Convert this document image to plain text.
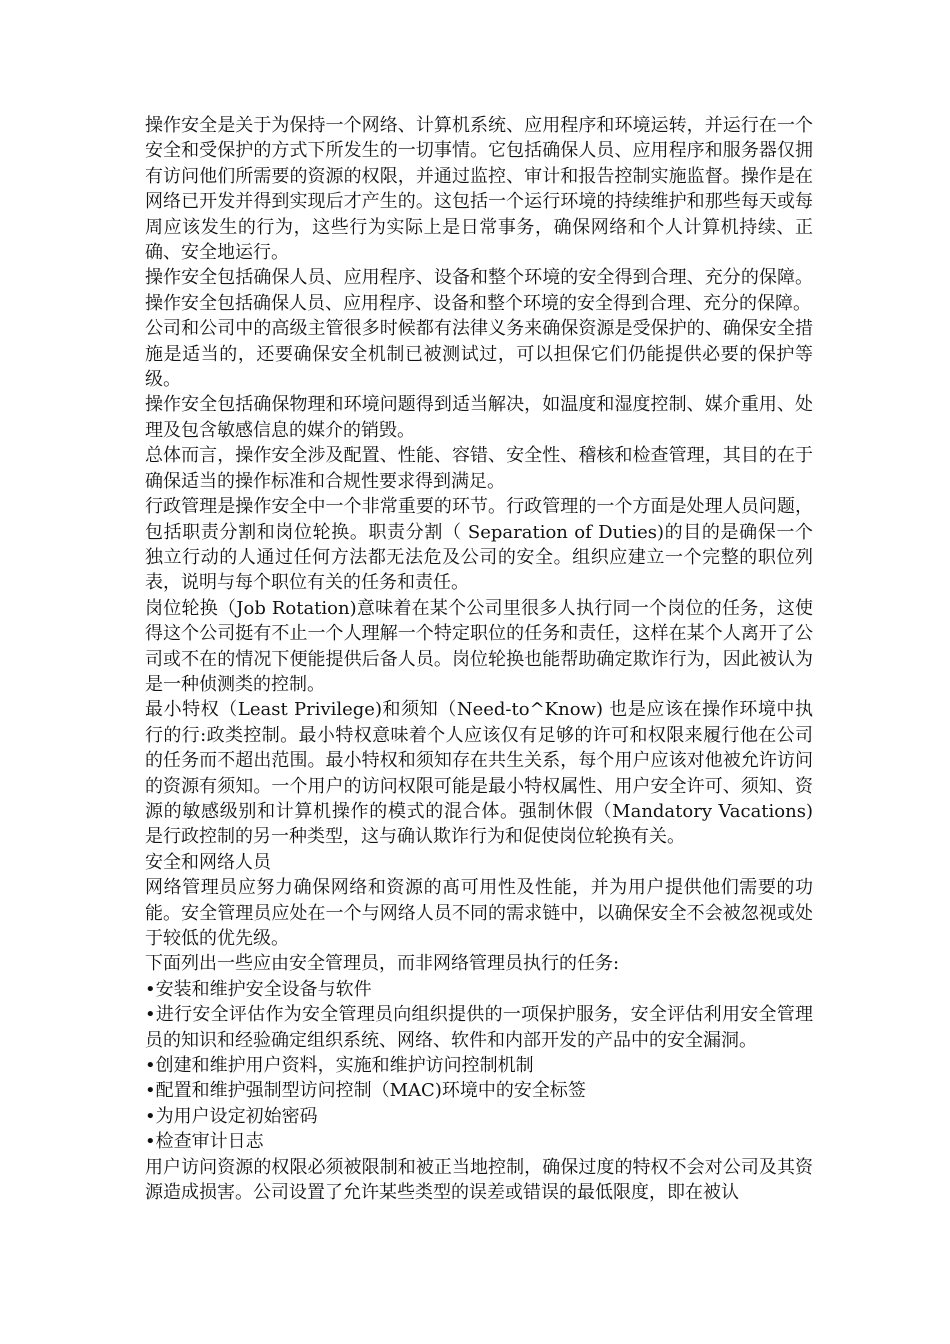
操作安全是关于为保持一个网络、计算机系统、应用程序和环境运转，并运行在一个安全和受保护的方式下所发生的一切事情。它包括确保人员、应用程序和服务器仅拥有访问他们所需要的资源的权限，并通过监控、审计和报告控制实施监督。操作是在网络已开发并得到实现后才产生的。这包括一个运行环境的持续维护和那些每天或每周应该发生的行为，这些行为实际上是日常事务，确保网络和个人计算机持续、正确、安全地运行。

操作安全包括确保人员、应用程序、设备和整个环境的安全得到合理、充分的保障。操作安全包括确保人员、应用程序、设备和整个环境的安全得到合理、充分的保障。

公司和公司中的高级主管很多时候都有法律义务来确保资源是受保护的、确保安全措施是适当的，还要确保安全机制已被测试过，可以担保它们仍能提供必要的保护等级。

操作安全包括确保物理和环境问题得到适当解决，如温度和湿度控制、媒介重用、处理及包含敏感信息的媒介的销毁。

总体而言，操作安全涉及配置、性能、容错、安全性、稽核和检查管理，其目的在于确保适当的操作标准和合规性要求得到满足。

行政管理是操作安全中一个非常重要的环节。行政管理的一个方面是处理人员问题，包括职责分割和岗位轮换。职责分割（ Separation of Duties)的目的是确保一个独立行动的人通过任何方法都无法危及公司的安全。组织应建立一个完整的职位列表，说明与每个职位有关的任务和责任。

岗位轮换（Job Rotation)意味着在某个公司里很多人执行同一个岗位的任务，这使得这个公司挺有不止一个人理解一个特定职位的任务和责任，这样在某个人离开了公司或不在的情况下便能提供后备人员。岗位轮换也能帮助确定欺诈行为，因此被认为是一种侦测类的控制。

最小特权（Least Privilege)和须知（Need-to^Know) 也是应该在操作环境中执行的行:政类控制。最小特权意味着个人应该仅有足够的许可和权限来履行他在公司的任务而不超出范围。最小特权和须知存在共生关系，每个用户应该对他被允许访问的资源有须知。一个用户的访问权限可能是最小特权属性、用户安全许可、须知、资源的敏感级别和计算机操作的模式的混合体。强制休假（Mandatory Vacations)是行政控制的另一种类型，这与确认欺诈行为和促使岗位轮换有关。

安全和网络人员

网络管理员应努力确保网络和资源的髙可用性及性能，并为用户提供他们需要的功能。安全管理员应处在一个与网络人员不同的需求链中，以确保安全不会被忽视或处于较低的优先级。

下面列出一些应由安全管理员，而非网络管理员执行的任务:

•安装和维护安全设备与软件

•进行安全评估作为安全管理员向组织提供的一项保护服务，安全评估利用安全管理员的知识和经验确定组织系统、网络、软件和内部开发的产品中的安全漏洞。

•创建和维护用户资料，实施和维护访问控制机制

•配置和维护强制型访问控制（MAC)环境中的安全标签

•为用户设定初始密码

•检查审计日志

用户访问资源的权限必须被限制和被正当地控制，确保过度的特权不会对公司及其资源造成损害。公司设置了允许某些类型的误差或错误的最低限度，即在被认
